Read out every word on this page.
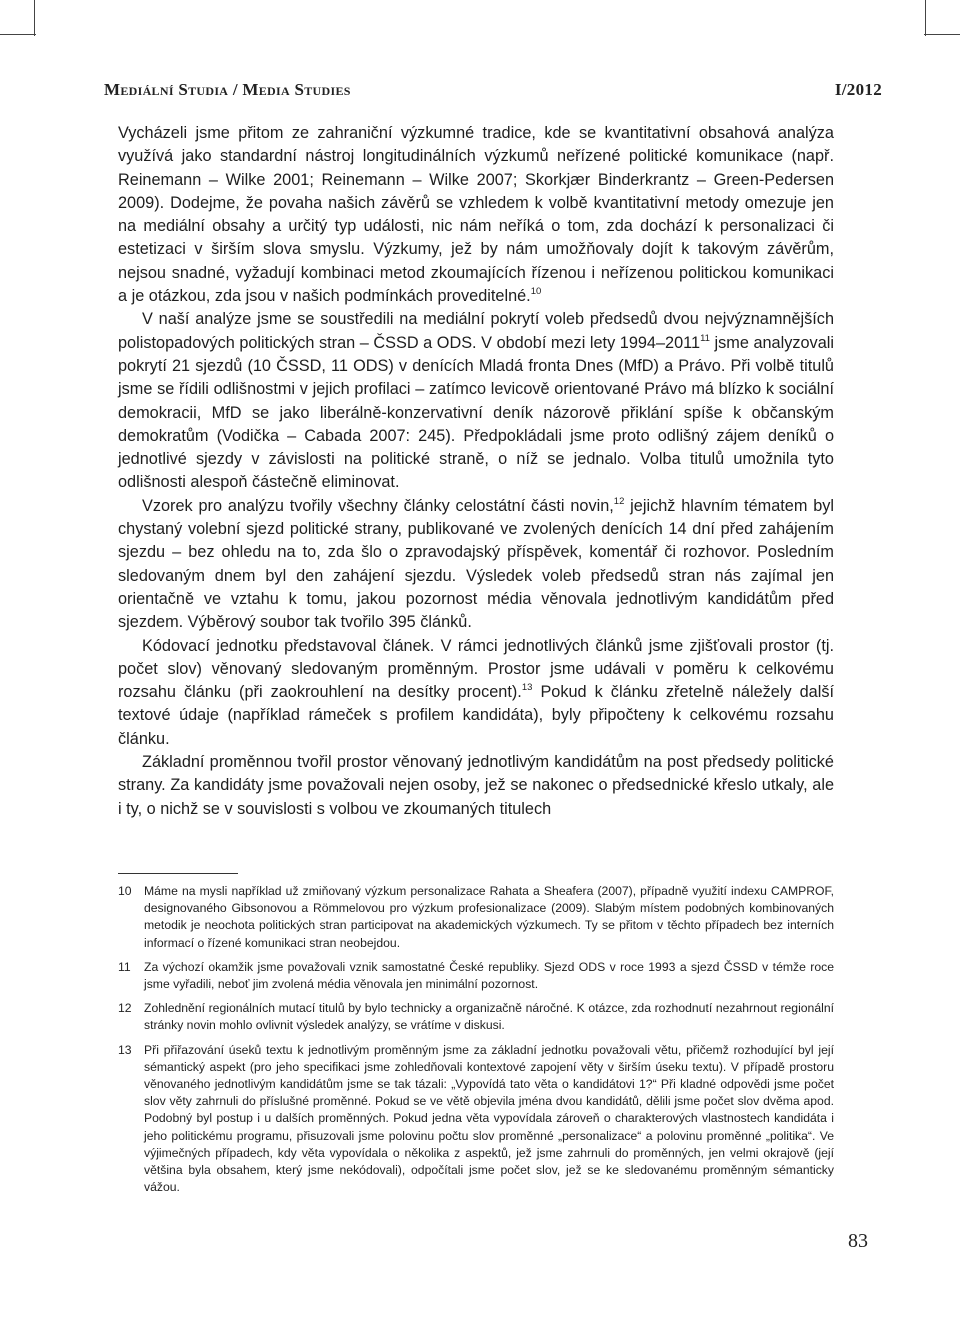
Mediální Studia / Media Studies	I/2012

Vycházeli jsme přitom ze zahraniční výzkumné tradice, kde se kvantitativní obsahová analýza využívá jako standardní nástroj longitudinálních výzkumů neřízené politické komunikace (např. Reinemann – Wilke 2001; Reinemann – Wilke 2007; Skorkjær Binderkrantz – Green-Pedersen 2009). Dodejme, že povaha našich závěrů se vzhledem k volbě kvantitativní metody omezuje jen na mediální obsahy a určitý typ události, nic nám neříká o tom, zda dochází k personalizaci či estetizaci v širším slova smyslu. Výzkumy, jež by nám umožňovaly dojít k takovým závěrům, nejsou snadné, vyžadují kombinaci metod zkoumajících řízenou i neřízenou politickou komunikaci a je otázkou, zda jsou v našich podmínkách proveditelné.$^{10}$

V naší analýze jsme se soustředili na mediální pokrytí voleb předsedů dvou nejvýznamnějších polistopadových politických stran – ČSSD a ODS. V období mezi lety 1994–2011$^{11}$ jsme analyzovali pokrytí 21 sjezdů (10 ČSSD, 11 ODS) v denících Mladá fronta Dnes (MfD) a Právo. Při volbě titulů jsme se řídili odlišnostmi v jejich profilaci – zatímco levicově orientované Právo má blízko k sociální demokracii, MfD se jako liberálně-konzervativní deník názorově přiklání spíše k občanským demokratům (Vodička – Cabada 2007: 245). Předpokládali jsme proto odlišný zájem deníků o jednotlivé sjezdy v závislosti na politické straně, o níž se jednalo. Volba titulů umožnila tyto odlišnosti alespoň částečně eliminovat.

Vzorek pro analýzu tvořily všechny články celostátní části novin,$^{12}$ jejichž hlavním tématem byl chystaný volební sjezd politické strany, publikované ve zvolených denících 14 dní před zahájením sjezdu – bez ohledu na to, zda šlo o zpravodajský příspěvek, komentář či rozhovor. Posledním sledovaným dnem byl den zahájení sjezdu. Výsledek voleb předsedů stran nás zajímal jen orientačně ve vztahu k tomu, jakou pozornost média věnovala jednotlivým kandidátům před sjezdem. Výběrový soubor tak tvořilo 395 článků.

Kódovací jednotku představoval článek. V rámci jednotlivých článků jsme zjišťovali prostor (tj. počet slov) věnovaný sledovaným proměnným. Prostor jsme udávali v poměru k celkovému rozsahu článku (při zaokrouhlení na desítky procent).$^{13}$ Pokud k článku zřetelně náležely další textové údaje (například rámeček s profilem kandidáta), byly připočteny k celkovému rozsahu článku.

Základní proměnnou tvořil prostor věnovaný jednotlivým kandidátům na post předsedy politické strany. Za kandidáty jsme považovali nejen osoby, jež se nakonec o předsednické křeslo utkaly, ale i ty, o nichž se v souvislosti s volbou ve zkoumaných titulech

10	Máme na mysli například už zmiňovaný výzkum personalizace Rahata a Sheafera (2007), případně využití indexu CAMPROF, designovaného Gibsonovou a Römmelovou pro výzkum profesionalizace (2009). Slabým místem podobných kombinovaných metodik je neochota politických stran participovat na akademických výzkumech. Ty se přitom v těchto případech bez interních informací o řízené komunikaci stran neobejdou.
11	Za výchozí okamžik jsme považovali vznik samostatné České republiky. Sjezd ODS v roce 1993 a sjezd ČSSD v témže roce jsme vyřadili, neboť jim zvolená média věnovala jen minimální pozornost.
12	Zohlednění regionálních mutací titulů by bylo technicky a organizačně náročné. K otázce, zda rozhodnutí nezahrnout regionální stránky novin mohlo ovlivnit výsledek analýzy, se vrátíme v diskusi.
13	Při přiřazování úseků textu k jednotlivým proměnným jsme za základní jednotku považovali větu, přičemž rozhodující byl její sémantický aspekt (pro jeho specifikaci jsme zohledňovali kontextové zapojení věty v širším úseku textu). V případě prostoru věnovaného jednotlivým kandidátům jsme se tak tázali: „Vypovídá tato věta o kandidátovi 1?“ Při kladné odpovědi jsme počet slov věty zahrnuli do příslušné proměnné. Pokud se ve větě objevila jména dvou kandidátů, dělili jsme počet slov dvěma apod. Podobný byl postup i u dalších proměnných. Pokud jedna věta vypovídala zároveň o charakterových vlastnostech kandidáta i jeho politickému programu, přisuzovali jsme polovinu počtu slov proměnné „personalizace“ a polovinu proměnné „politika“. Ve výjimečných případech, kdy věta vypovídala o několika z aspektů, jež jsme zahrnuli do proměnných, jen velmi okrajově (její většina byla obsahem, který jsme nekódovali), odpočítali jsme počet slov, jež se ke sledovanému proměnným sémanticky vážou.
83
